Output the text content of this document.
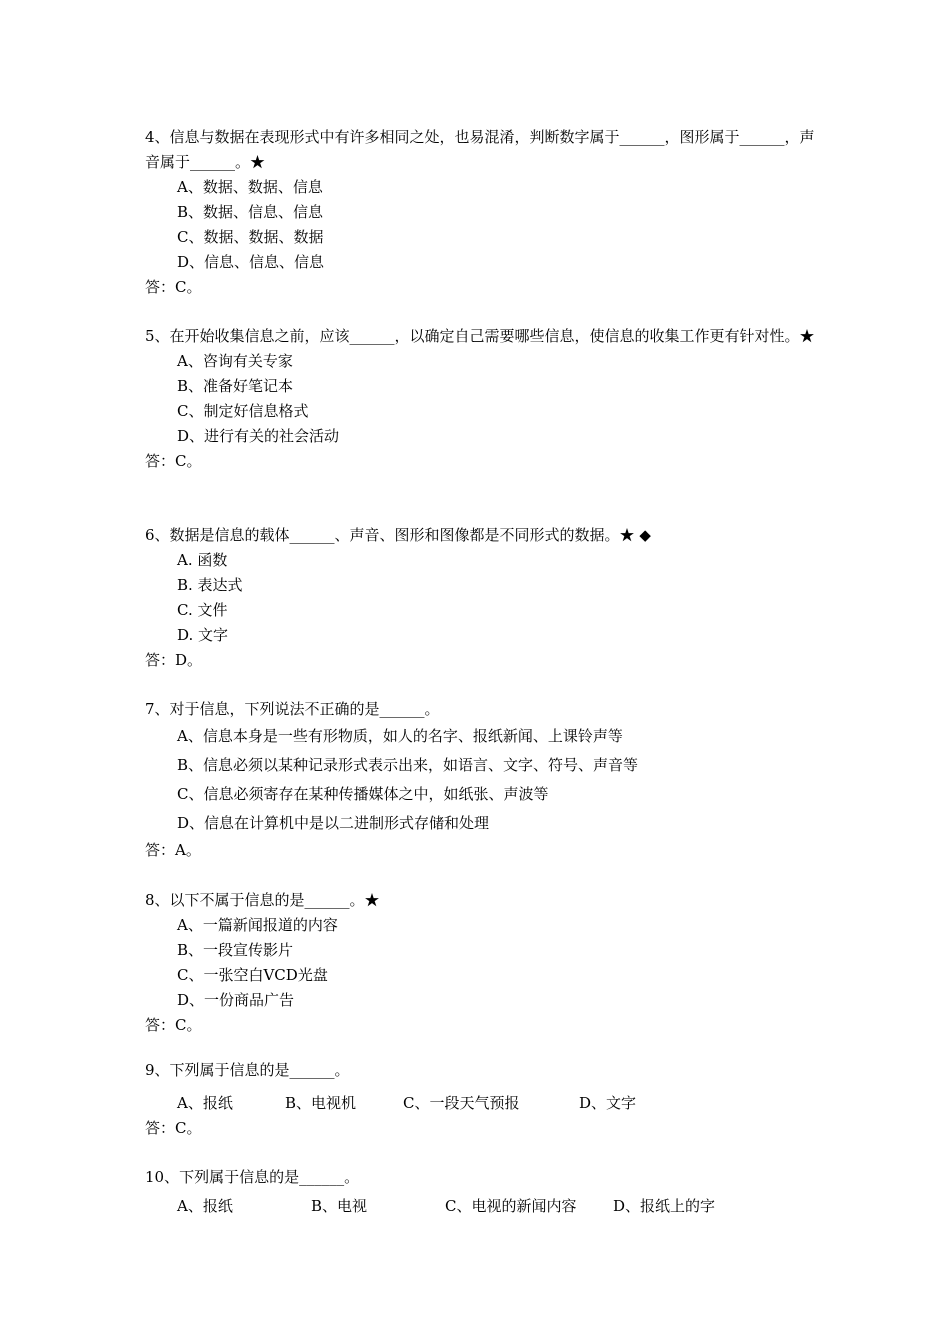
4、信息与数据在表现形式中有许多相同之处，也易混淆，判断数字属于______，图形属于______，声音属于______。★

A、数据、数据、信息

B、数据、信息、信息

C、数据、数据、数据

D、信息、信息、信息

答：C。

5、在开始收集信息之前，应该______，以确定自己需要哪些信息，使信息的收集工作更有针对性。★

A、咨询有关专家

B、准备好笔记本

C、制定好信息格式

D、进行有关的社会活动

答：C。

6、数据是信息的载体______、声音、图形和图像都是不同形式的数据。★ ◆

A. 函数

B. 表达式

C. 文件

D. 文字

答：D。

7、对于信息，下列说法不正确的是______。

A、信息本身是一些有形物质，如人的名字、报纸新闻、上课铃声等

B、信息必须以某种记录形式表示出来，如语言、文字、符号、声音等

C、信息必须寄存在某种传播媒体之中，如纸张、声波等

D、信息在计算机中是以二进制形式存储和处理

答：A。

8、以下不属于信息的是______。★

A、一篇新闻报道的内容

B、一段宣传影片

C、一张空白VCD光盘

D、一份商品广告

答：C。

9、下列属于信息的是______。

A、报纸	B、电视机	C、一段天气预报	D、文字

答：C。

10、下列属于信息的是______。

A、报纸	B、电视	C、电视的新闻内容 D、报纸上的字
